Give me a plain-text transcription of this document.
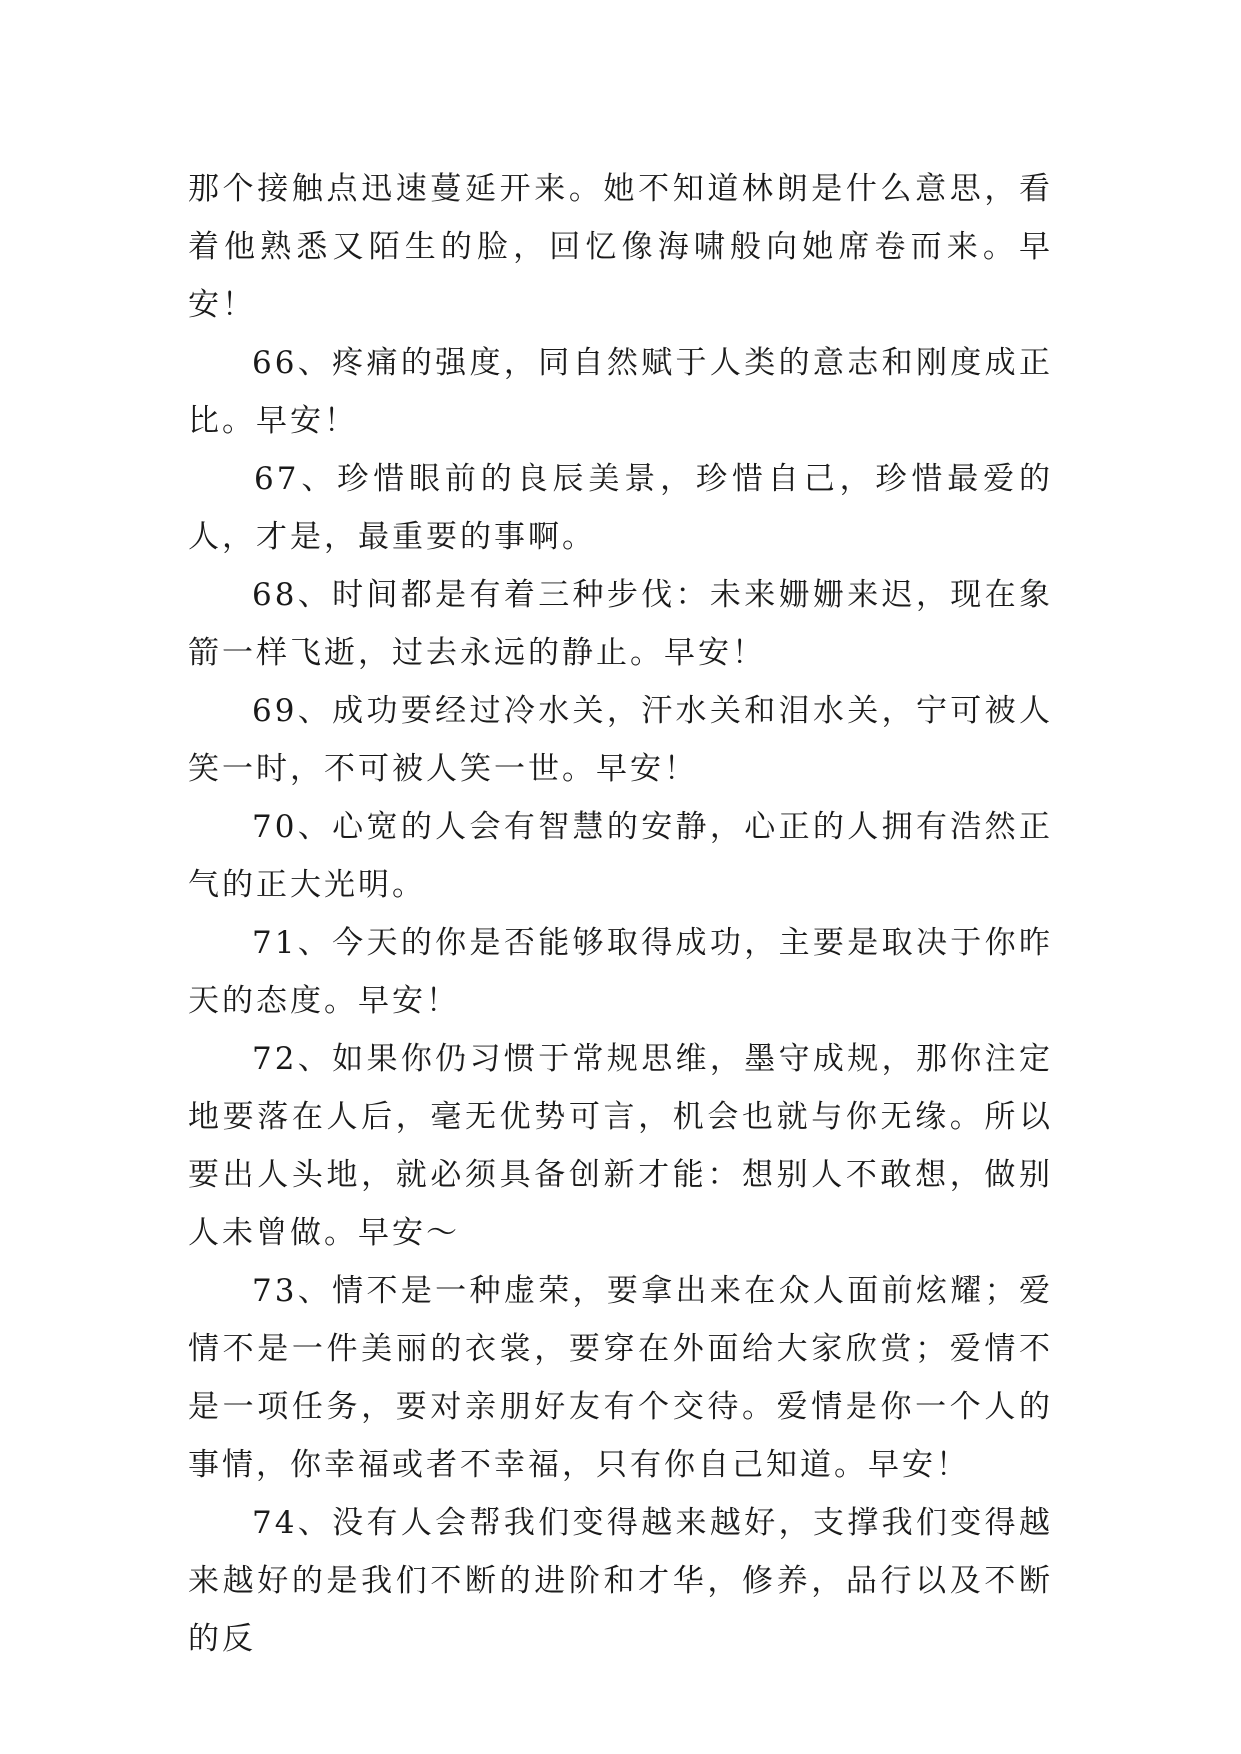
那个接触点迅速蔓延开来。她不知道林朗是什么意思，看着他熟悉又陌生的脸，回忆像海啸般向她席卷而来。早安！

66、疼痛的强度，同自然赋于人类的意志和刚度成正比。早安！

67、珍惜眼前的良辰美景，珍惜自己，珍惜最爱的人，才是，最重要的事啊。

68、时间都是有着三种步伐：未来姗姗来迟，现在象箭一样飞逝，过去永远的静止。早安！

69、成功要经过冷水关，汗水关和泪水关，宁可被人笑一时，不可被人笑一世。早安！

70、心宽的人会有智慧的安静，心正的人拥有浩然正气的正大光明。

71、今天的你是否能够取得成功，主要是取决于你昨天的态度。早安！

72、如果你仍习惯于常规思维，墨守成规，那你注定地要落在人后，毫无优势可言，机会也就与你无缘。所以要出人头地，就必须具备创新才能：想别人不敢想，做别人未曾做。早安～

73、情不是一种虚荣，要拿出来在众人面前炫耀；爱情不是一件美丽的衣裳，要穿在外面给大家欣赏；爱情不是一项任务，要对亲朋好友有个交待。爱情是你一个人的事情，你幸福或者不幸福，只有你自己知道。早安！

74、没有人会帮我们变得越来越好，支撑我们变得越来越好的是我们不断的进阶和才华，修养，品行以及不断的反
